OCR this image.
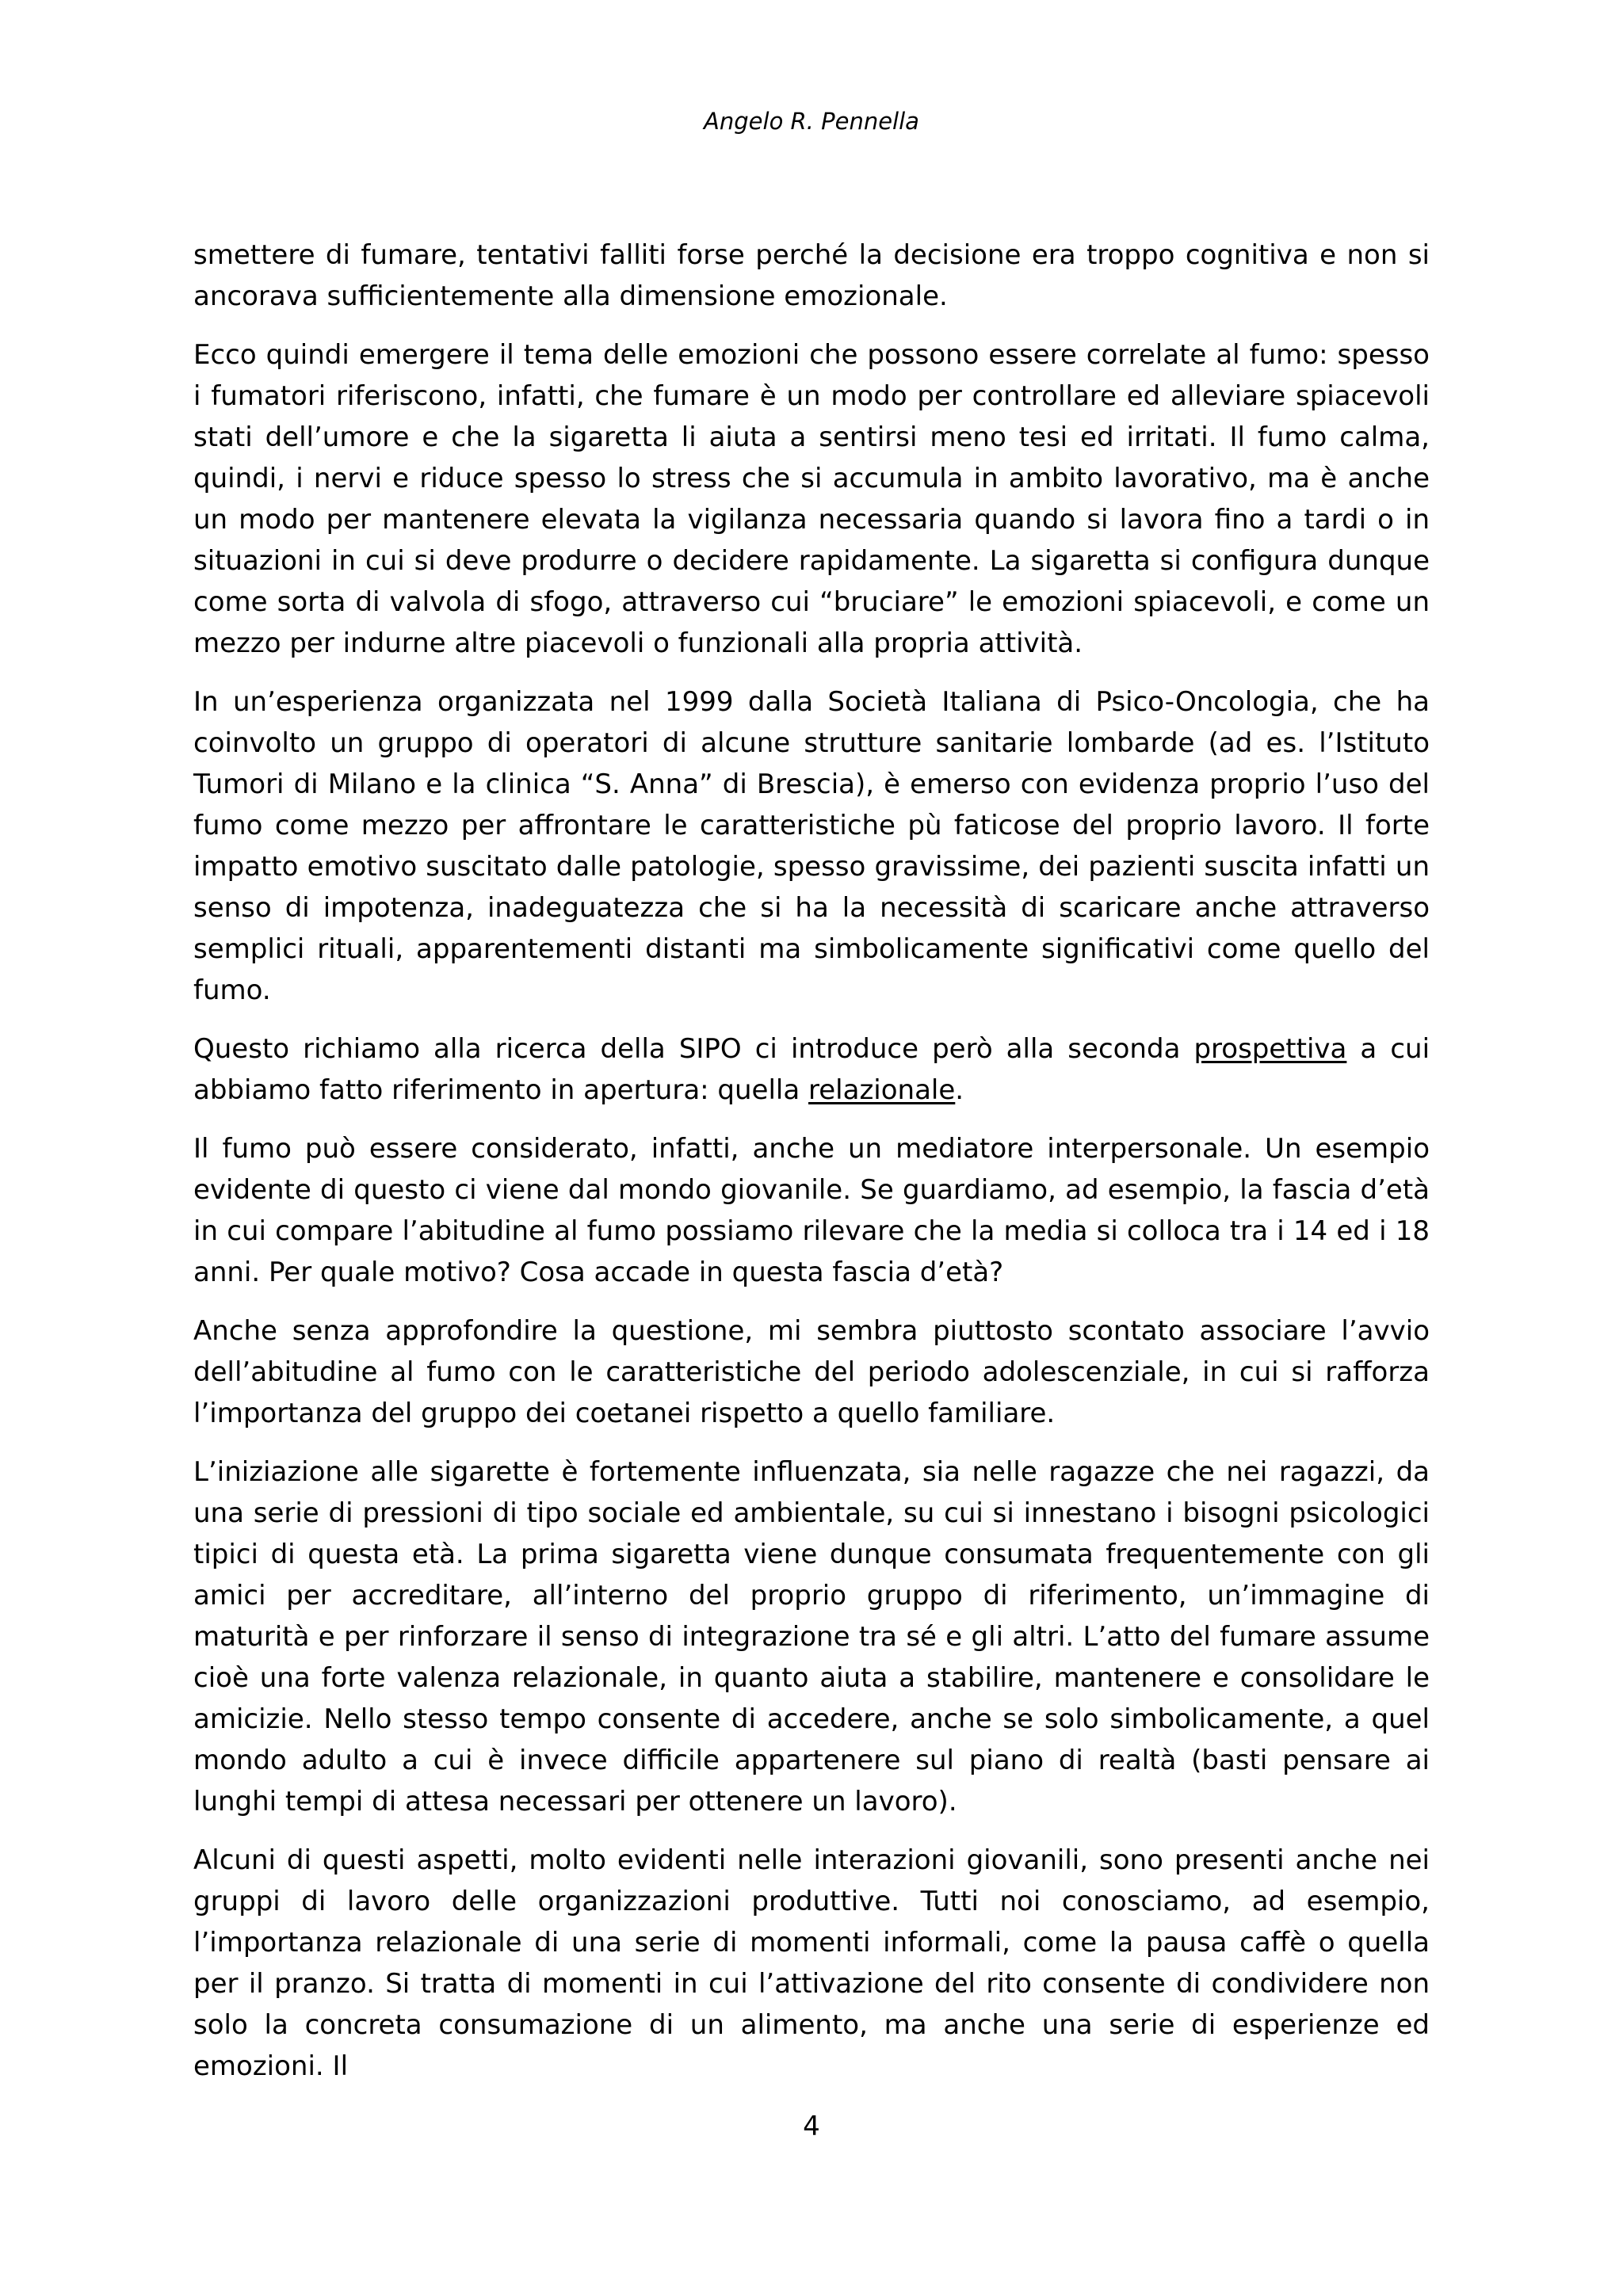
Angelo R. Pennella

smettere di fumare, tentativi falliti forse perché la decisione era troppo cognitiva e non si ancorava sufficientemente alla dimensione emozionale.

Ecco quindi emergere il tema delle emozioni che possono essere correlate al fumo: spesso i fumatori riferiscono, infatti, che fumare è un modo per controllare ed alleviare spiacevoli stati dell’umore e che la sigaretta li aiuta a sentirsi meno tesi ed irritati. Il fumo calma, quindi, i nervi e riduce spesso lo stress che si accumula in ambito lavorativo, ma è anche un modo per mantenere elevata la vigilanza necessaria quando si lavora fino a tardi o in situazioni in cui si deve produrre o decidere rapidamente. La sigaretta si configura dunque come sorta di valvola di sfogo, attraverso cui “bruciare” le emozioni spiacevoli, e come un mezzo per indurne altre piacevoli o funzionali alla propria attività.

In un’esperienza organizzata nel 1999 dalla Società Italiana di Psico-Oncologia, che ha coinvolto un gruppo di operatori di alcune strutture sanitarie lombarde (ad es. l’Istituto Tumori di Milano e la clinica “S. Anna” di Brescia), è emerso con evidenza proprio l’uso del fumo come mezzo per affrontare le caratteristiche pù faticose del proprio lavoro. Il forte impatto emotivo suscitato dalle patologie, spesso gravissime, dei pazienti suscita infatti un senso di impotenza, inadeguatezza che si ha la necessità di scaricare anche attraverso semplici rituali, apparentementi distanti ma simbolicamente significativi come quello del fumo.

Questo richiamo alla ricerca della SIPO ci introduce però alla seconda prospettiva a cui abbiamo fatto riferimento in apertura: quella relazionale.

Il fumo può essere considerato, infatti, anche un mediatore interpersonale. Un esempio evidente di questo ci viene dal mondo giovanile. Se guardiamo, ad esempio, la fascia d’età in cui compare l’abitudine al fumo possiamo rilevare che la media si colloca tra i 14 ed i 18 anni. Per quale motivo? Cosa accade in questa fascia d’età?

Anche senza approfondire la questione, mi sembra piuttosto scontato associare l’avvio dell’abitudine al fumo con le caratteristiche del periodo adolescenziale, in cui si rafforza l’importanza del gruppo dei coetanei rispetto a quello familiare.

L’iniziazione alle sigarette è fortemente influenzata, sia nelle ragazze che nei ragazzi, da una serie di pressioni di tipo sociale ed ambientale, su cui si innestano i bisogni psicologici tipici di questa età. La prima sigaretta viene dunque consumata frequentemente con gli amici per accreditare, all’interno del proprio gruppo di riferimento, un’immagine di maturità e per rinforzare il senso di integrazione tra sé e gli altri. L’atto del fumare assume cioè una forte valenza relazionale, in quanto aiuta a stabilire, mantenere e consolidare le amicizie. Nello stesso tempo consente di accedere, anche se solo simbolicamente, a quel mondo adulto a cui è invece difficile appartenere sul piano di realtà (basti pensare ai lunghi tempi di attesa necessari per ottenere un lavoro).

Alcuni di questi aspetti, molto evidenti nelle interazioni giovanili, sono presenti anche nei gruppi di lavoro delle organizzazioni produttive. Tutti noi conosciamo, ad esempio, l’importanza relazionale di una serie di momenti informali, come la pausa caffè o quella per il pranzo. Si tratta di momenti in cui l’attivazione del rito consente di condividere non solo la concreta consumazione di un alimento, ma anche una serie di esperienze ed emozioni. Il

4
